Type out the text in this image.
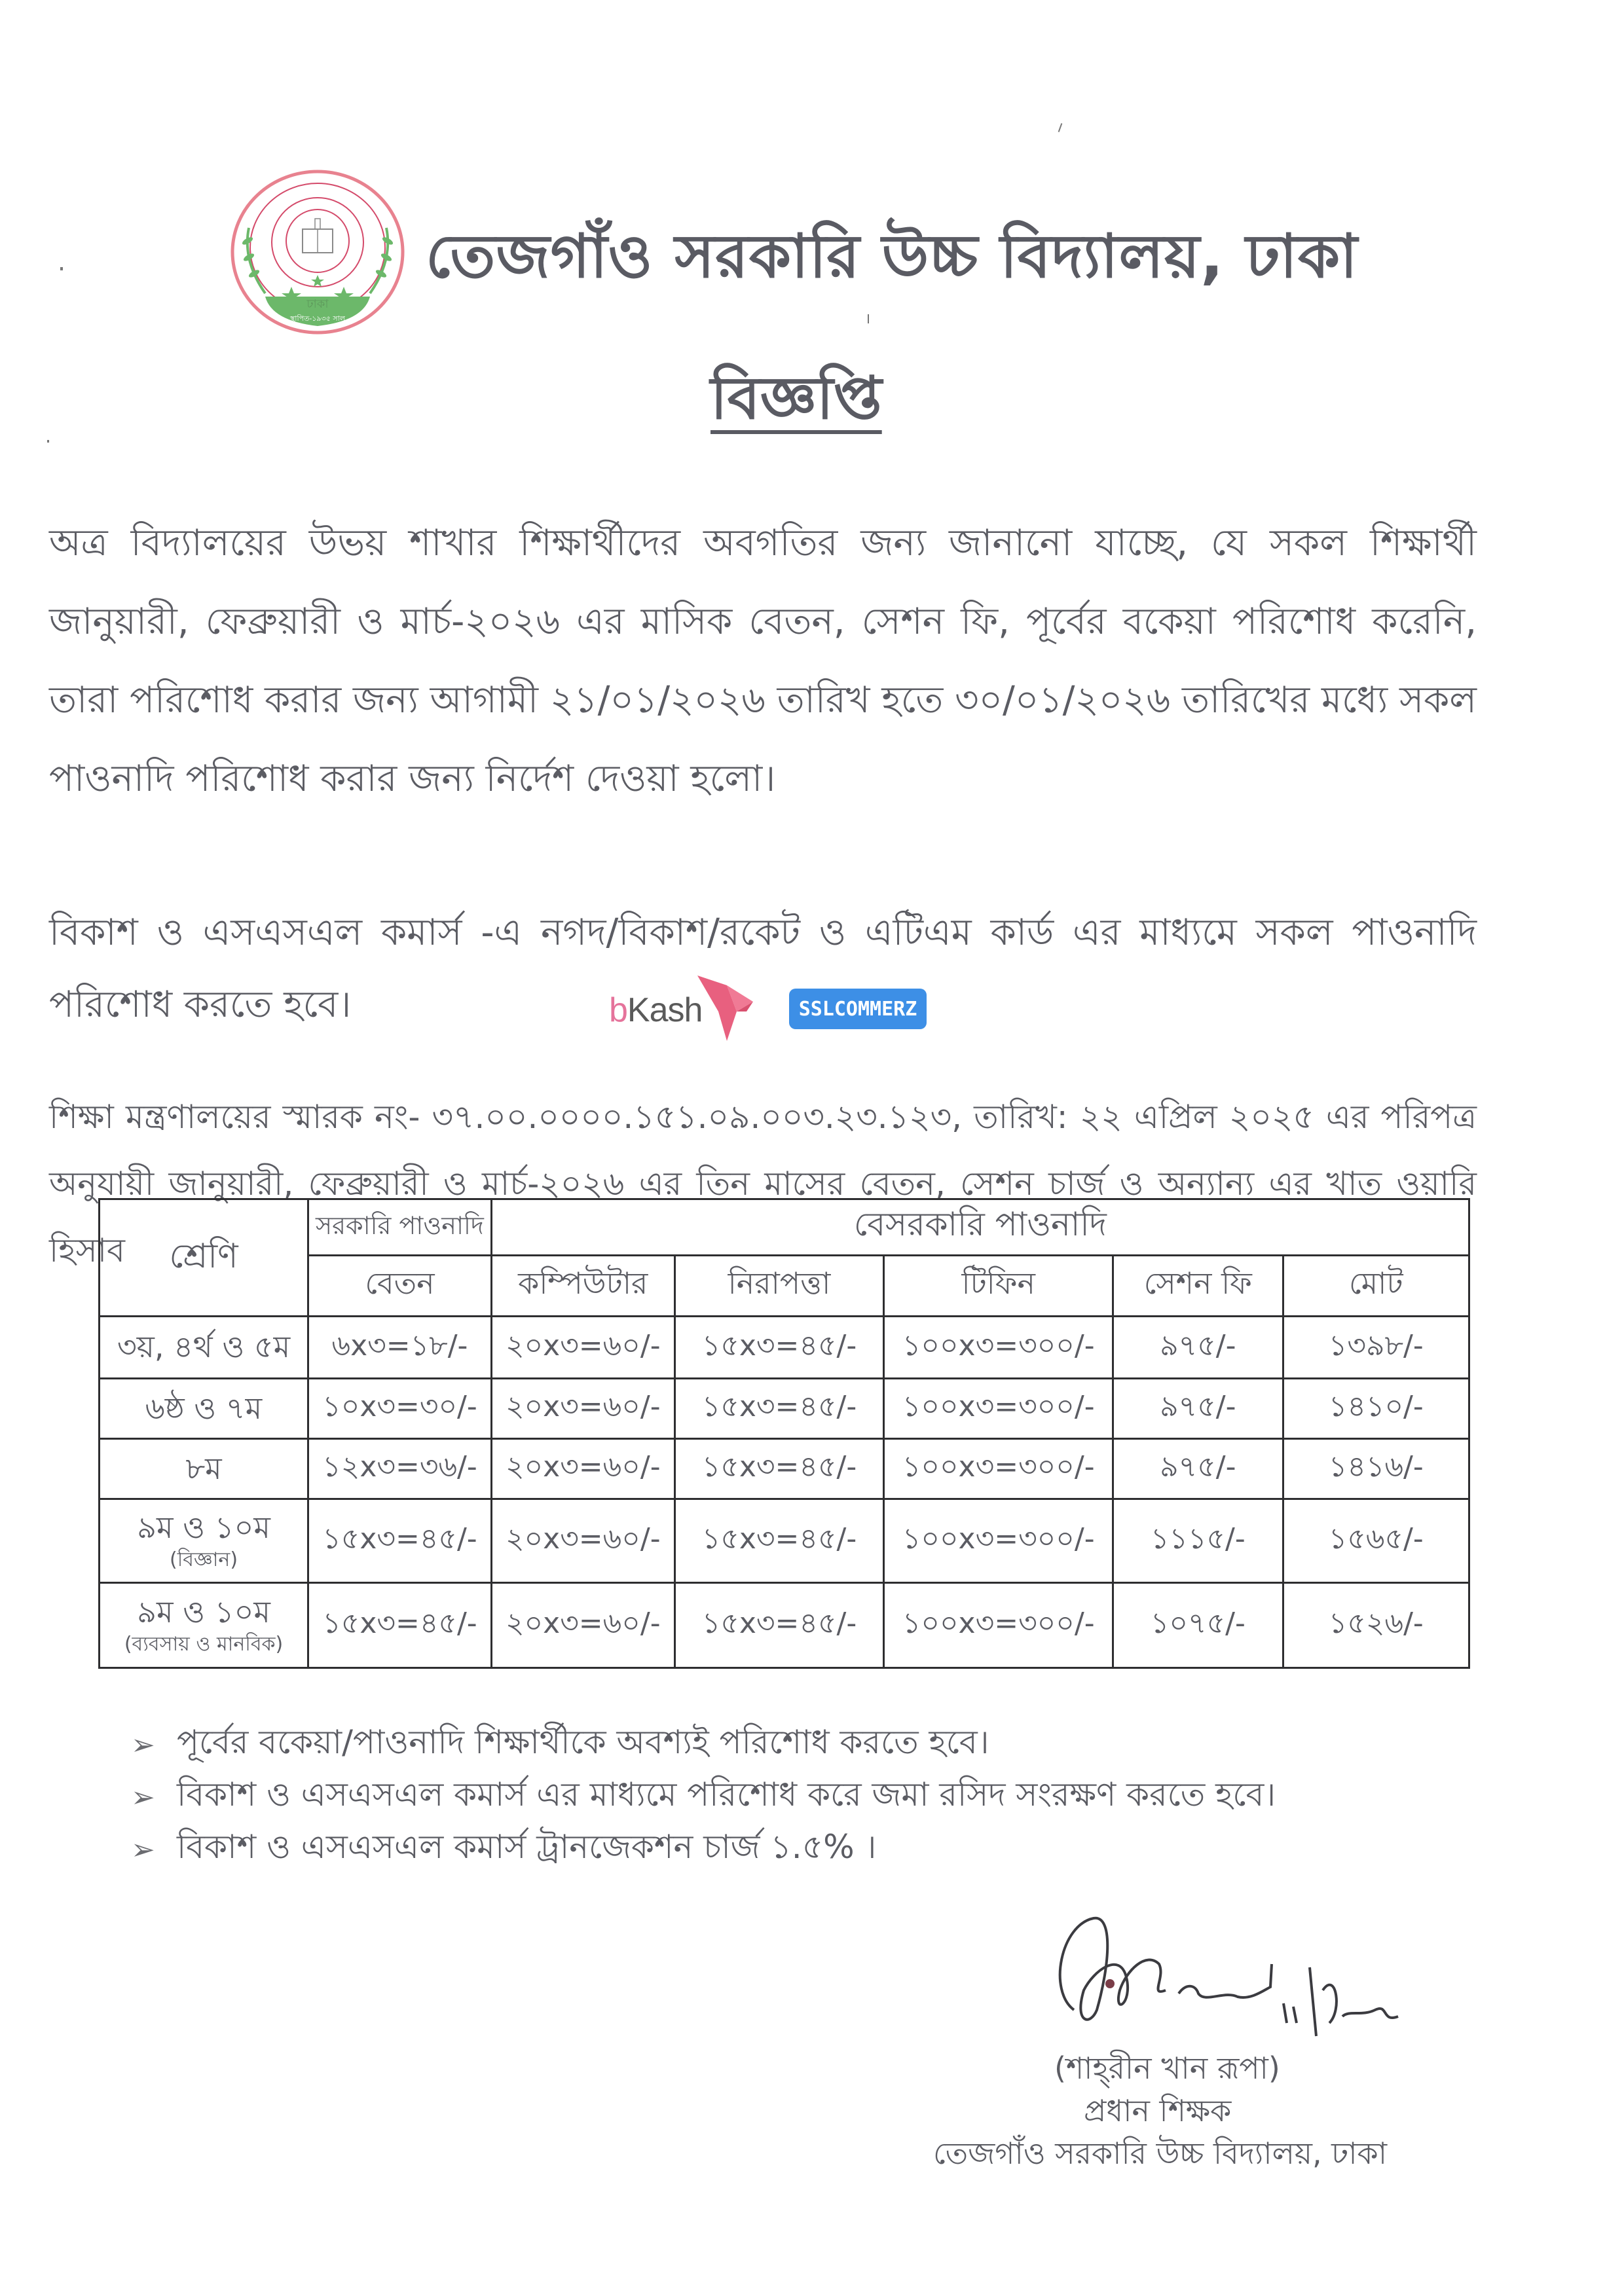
ঢাকা
স্থাপিত-১৯৩৫ সাল
তেজগাঁও সরকারি উচ্চ বিদ্যালয়, ঢাকা
বিজ্ঞপ্তি
অত্র বিদ্যালয়ের উভয় শাখার শিক্ষার্থীদের অবগতির জন্য জানানো যাচ্ছে, যে সকল শিক্ষার্থী জানুয়ারী, ফেব্রুয়ারী ও মার্চ-২০২৬ এর মাসিক বেতন, সেশন ফি, পূর্বের বকেয়া পরিশোধ করেনি, তারা পরিশোধ করার জন্য আগামী ২১/০১/২০২৬ তারিখ হতে ৩০/০১/২০২৬ তারিখের মধ্যে সকল পাওনাদি পরিশোধ করার জন্য নির্দেশ দেওয়া হলো।
বিকাশ ও এসএসএল কমার্স -এ নগদ/বিকাশ/রকেট ও এটিএম কার্ড এর মাধ্যমে সকল পাওনাদি পরিশোধ করতে হবে।	bKash	SSLCOMMERZ
শিক্ষা মন্ত্রণালয়ের স্মারক নং- ৩৭.০০.০০০০.১৫১.০৯.০০৩.২৩.১২৩, তারিখ: ২২ এপ্রিল ২০২৫ এর পরিপত্র অনুযায়ী জানুয়ারী, ফেব্রুয়ারী ও মার্চ-২০২৬ এর তিন মাসের বেতন, সেশন চার্জ ও অন্যান্য এর খাত ওয়ারি হিসাব	শ্রেণি	সরকারি পাওনাদি	বেসরকারি পাওনাদি				
	বেতন	কম্পিউটার	নিরাপত্তা	টিফিন	সেশন ফি	মোট
৩য়, ৪র্থ ও ৫ম	৬x৩=১৮/-	২০x৩=৬০/-	১৫x৩=৪৫/-	১০০x৩=৩০০/-	৯৭৫/-	১৩৯৮/-
৬ষ্ঠ ও ৭ম	১০x৩=৩০/-	২০x৩=৬০/-	১৫x৩=৪৫/-	১০০x৩=৩০০/-	৯৭৫/-	১৪১০/-
৮ম	১২x৩=৩৬/-	২০x৩=৬০/-	১৫x৩=৪৫/-	১০০x৩=৩০০/-	৯৭৫/-	১৪১৬/-
৯ম ও ১০ম
(বিজ্ঞান)	১৫x৩=৪৫/-	২০x৩=৬০/-	১৫x৩=৪৫/-	১০০x৩=৩০০/-	১১১৫/-	১৫৬৫/-
৯ম ও ১০ম
(ব্যবসায় ও মানবিক)	১৫x৩=৪৫/-	২০x৩=৬০/-	১৫x৩=৪৫/-	১০০x৩=৩০০/-	১০৭৫/-	১৫২৬/-
➢ পূর্বের বকেয়া/পাওনাদি শিক্ষার্থীকে অবশ্যই পরিশোধ করতে হবে।
➢ বিকাশ ও এসএসএল কমার্স এর মাধ্যমে পরিশোধ করে জমা রসিদ সংরক্ষণ করতে হবে।
➢ বিকাশ ও এসএসএল কমার্স ট্রানজেকশন চার্জ ১.৫% ।
(শাহ্‌রীন খান রূপা)
প্রধান শিক্ষক
তেজগাঁও সরকারি উচ্চ বিদ্যালয়, ঢাকা
